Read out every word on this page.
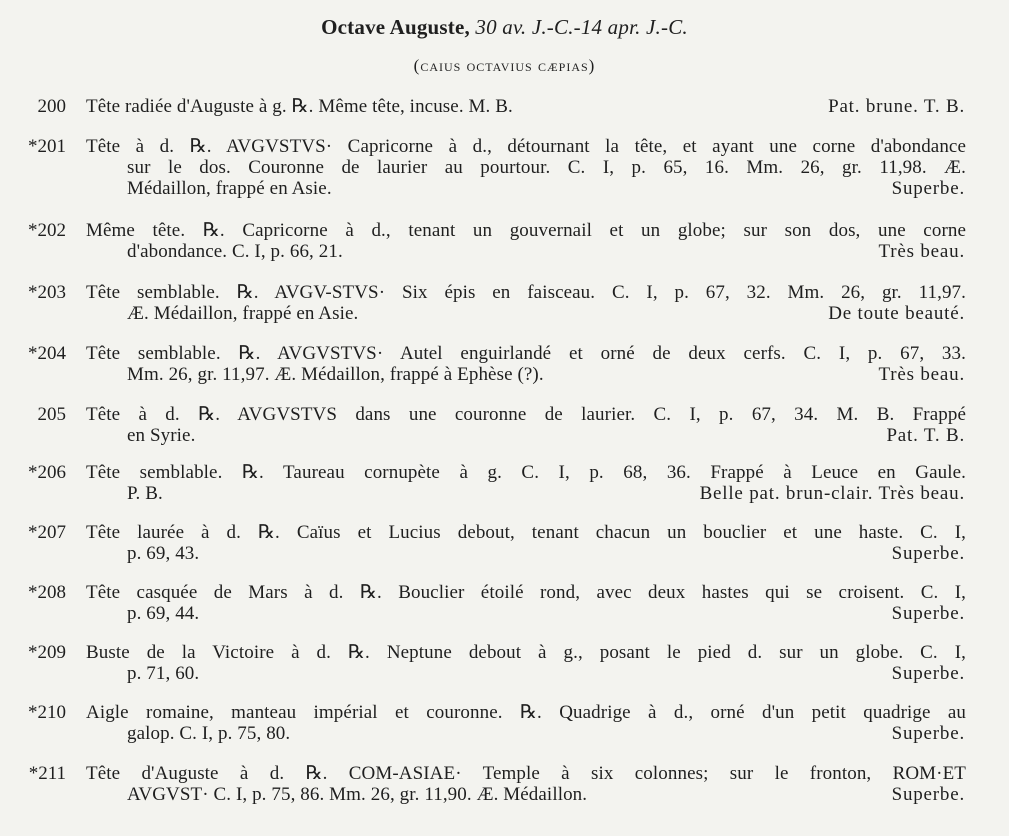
Octave Auguste, 30 av. J.-C.-14 apr. J.-C.
(caius octavius cæpias)
200 Tête radiée d'Auguste à g. ℞. Même tête, incuse. M. B.	Pat. brune. T. B.
*201 Tête à d. ℞. AVGVSTVS· Capricorne à d., détournant la tête, et ayant une corne d'abondance
sur le dos. Couronne de laurier au pourtour. C. I, p. 65, 16. Mm. 26, gr. 11,98. Æ.
Médaillon, frappé en Asie.	Superbe.
*202 Même tête. ℞. Capricorne à d., tenant un gouvernail et un globe; sur son dos, une corne
d'abondance. C. I, p. 66, 21.	Très beau.
*203 Tête semblable. ℞. AVGV-STVS· Six épis en faisceau. C. I, p. 67, 32. Mm. 26, gr. 11,97.
Æ. Médaillon, frappé en Asie.	De toute beauté.
*204 Tête semblable. ℞. AVGVSTVS· Autel enguirlandé et orné de deux cerfs. C. I, p. 67, 33.
Mm. 26, gr. 11,97. Æ. Médaillon, frappé à Ephèse (?).	Très beau.
205 Tête à d. ℞. AVGVSTVS dans une couronne de laurier. C. I, p. 67, 34. M. B. Frappé
en Syrie.	Pat. T. B.
*206 Tête semblable. ℞. Taureau cornupète à g. C. I, p. 68, 36. Frappé à Leuce en Gaule.
P. B.	Belle pat. brun-clair. Très beau.
*207 Tête laurée à d. ℞. Caïus et Lucius debout, tenant chacun un bouclier et une haste. C. I,
p. 69, 43.	Superbe.
*208 Tête casquée de Mars à d. ℞. Bouclier étoilé rond, avec deux hastes qui se croisent. C. I,
p. 69, 44.	Superbe.
*209 Buste de la Victoire à d. ℞. Neptune debout à g., posant le pied d. sur un globe. C. I,
p. 71, 60.	Superbe.
*210 Aigle romaine, manteau impérial et couronne. ℞. Quadrige à d., orné d'un petit quadrige au
galop. C. I, p. 75, 80.	Superbe.
*211 Tête d'Auguste à d. ℞. COM-ASIAE· Temple à six colonnes; sur le fronton, ROM·ET
AVGVST· C. I, p. 75, 86. Mm. 26, gr. 11,90. Æ. Médaillon.	Superbe.
